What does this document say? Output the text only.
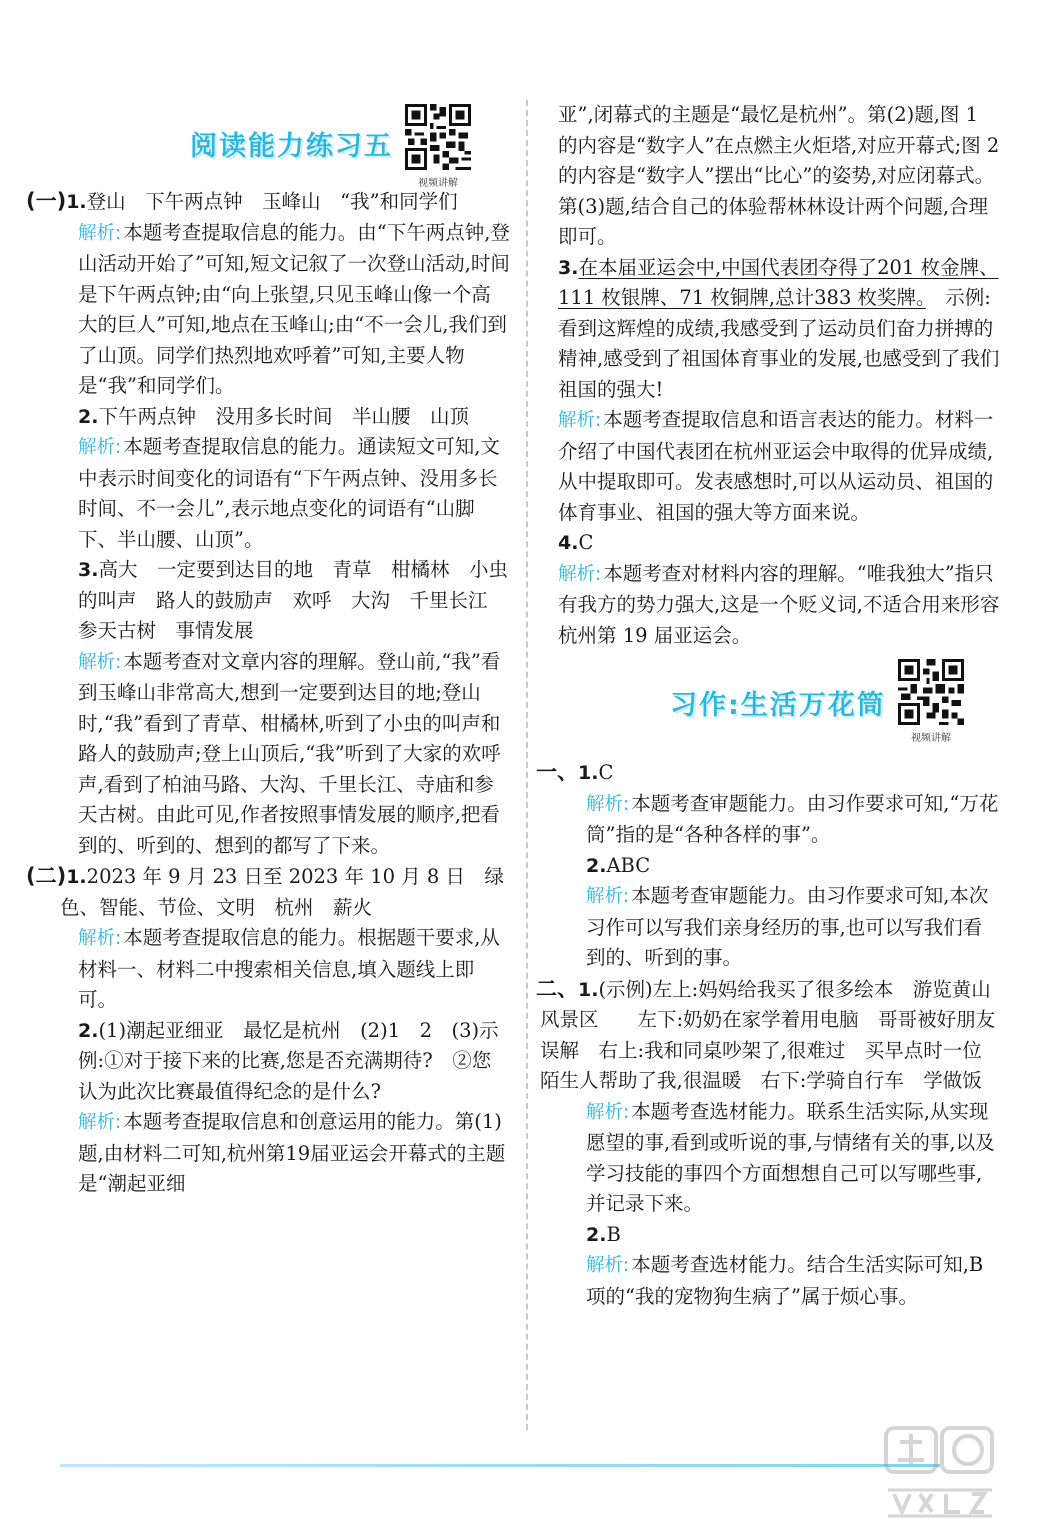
阅读能力练习五
视频讲解

(一)1.登山　下午两点钟　玉峰山　“我”和同学们

解析: 本题考查提取信息的能力。由“下午两点钟,登山活动开始了”可知,短文记叙了一次登山活动,时间是下午两点钟;由“向上张望,只见玉峰山像一个高大的巨人”可知,地点在玉峰山;由“不一会儿,我们到了山顶。同学们热烈地欢呼着”可知,主要人物是“我”和同学们。

2.下午两点钟　没用多长时间　半山腰　山顶

解析: 本题考查提取信息的能力。通读短文可知,文中表示时间变化的词语有“下午两点钟、没用多长时间、不一会儿”,表示地点变化的词语有“山脚下、半山腰、山顶”。

3.高大　一定要到达目的地　青草　柑橘林　小虫的叫声　路人的鼓励声　欢呼　大沟　千里长江　参天古树　事情发展

解析: 本题考查对文章内容的理解。登山前,“我”看到玉峰山非常高大,想到一定要到达目的地;登山时,“我”看到了青草、柑橘林,听到了小虫的叫声和路人的鼓励声;登上山顶后,“我”听到了大家的欢呼声,看到了柏油马路、大沟、千里长江、寺庙和参天古树。由此可见,作者按照事情发展的顺序,把看到的、听到的、想到的都写了下来。

(二)1.2023 年 9 月 23 日至 2023 年 10 月 8 日　绿色、智能、节俭、文明　杭州　薪火

解析: 本题考查提取信息的能力。根据题干要求,从材料一、材料二中搜索相关信息,填入题线上即可。

2.(1)潮起亚细亚　最忆是杭州　(2)1　2　(3)示例:①对于接下来的比赛,您是否充满期待?　②您认为此次比赛最值得纪念的是什么?

解析: 本题考查提取信息和创意运用的能力。第(1)题,由材料二可知,杭州第19届亚运会开幕式的主题是“潮起亚细

亚”,闭幕式的主题是“最忆是杭州”。第(2)题,图 1 的内容是“数字人”在点燃主火炬塔,对应开幕式;图 2 的内容是“数字人”摆出“比心”的姿势,对应闭幕式。第(3)题,结合自己的体验帮林林设计两个问题,合理即可。

3.在本届亚运会中,中国代表团夺得了201 枚金牌、111 枚银牌、71 枚铜牌,总计383 枚奖牌。　示例:看到这辉煌的成绩,我感受到了运动员们奋力拼搏的精神,感受到了祖国体育事业的发展,也感受到了我们祖国的强大!

解析: 本题考查提取信息和语言表达的能力。材料一介绍了中国代表团在杭州亚运会中取得的优异成绩,从中提取即可。发表感想时,可以从运动员、祖国的体育事业、祖国的强大等方面来说。

4.C

解析: 本题考查对材料内容的理解。“唯我独大”指只有我方的势力强大,这是一个贬义词,不适合用来形容杭州第 19 届亚运会。

习作:生活万花筒
视频讲解

一、1.C

解析: 本题考查审题能力。由习作要求可知,“万花筒”指的是“各种各样的事”。

2.ABC

解析: 本题考查审题能力。由习作要求可知,本次习作可以写我们亲身经历的事,也可以写我们看到的、听到的事。

二、1.(示例)左上:妈妈给我买了很多绘本　游览黄山风景区　　左下:奶奶在家学着用电脑　哥哥被好朋友误解　右上:我和同桌吵架了,很难过　买早点时一位陌生人帮助了我,很温暖　右下:学骑自行车　学做饭

解析: 本题考查选材能力。联系生活实际,从实现愿望的事,看到或听说的事,与情绪有关的事,以及学习技能的事四个方面想想自己可以写哪些事,并记录下来。

2.B

解析: 本题考查选材能力。结合生活实际可知,B 项的“我的宠物狗生病了”属于烦心事。
